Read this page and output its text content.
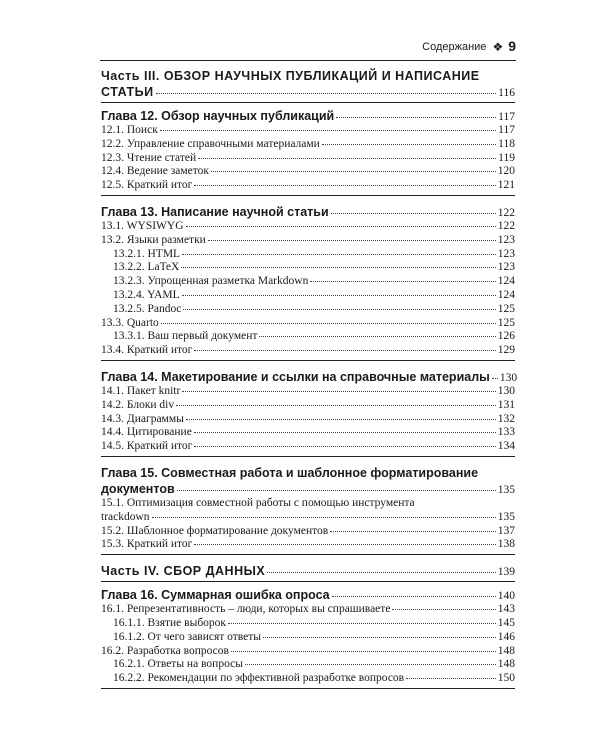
Содержание ❖ 9
Часть III. ОБЗОР НАУЧНЫХ ПУБЛИКАЦИЙ И НАПИСАНИЕ
СТАТЬИ	116
Глава 12. Обзор научных публикаций	117
12.1. Поиск	117
12.2. Управление справочными материалами	118
12.3. Чтение статей	119
12.4. Ведение заметок	120
12.5. Краткий итог	121
Глава 13. Написание научной статьи	122
13.1. WYSIWYG	122
13.2. Языки разметки	123
13.2.1. HTML	123
13.2.2. LaTeX	123
13.2.3. Упрощенная разметка Markdown	124
13.2.4. YAML	124
13.2.5. Pandoc	125
13.3. Quarto	125
13.3.1. Ваш первый документ	126
13.4. Краткий итог	129
Глава 14. Макетирование и ссылки на справочные материалы 130
14.1. Пакет knitr	130
14.2. Блоки div	131
14.3. Диаграммы	132
14.4. Цитирование	133
14.5. Краткий итог	134
Глава 15. Совместная работа и шаблонное форматирование
документов	135
15.1. Оптимизация совместной работы с помощью инструмента
trackdown	135
15.2. Шаблонное форматирование документов	137
15.3. Краткий итог	138
Часть IV. СБОР ДАННЫХ	139
Глава 16. Суммарная ошибка опроса	140
16.1. Репрезентативность – люди, которых вы спрашиваете	143
16.1.1. Взятие выборок	145
16.1.2. От чего зависят ответы	146
16.2. Разработка вопросов	148
16.2.1. Ответы на вопросы	148
16.2.2. Рекомендации по эффективной разработке вопросов	150
